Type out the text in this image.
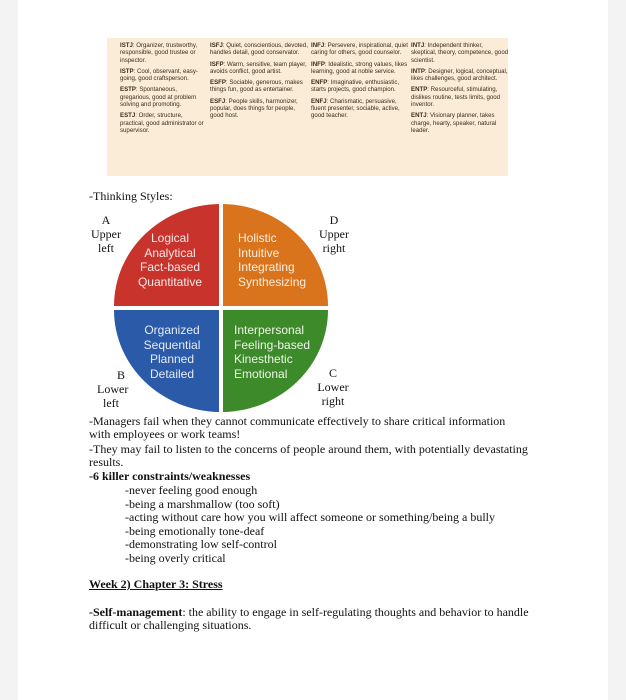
ISTJ: Organizer, trustworthy, responsible, good trustee or inspector.
ISTP: Cool, observant, easy-going, good craftsperson.
ESTP: Spontaneous, gregarious, good at problem solving and promoting.
ESTJ: Order, structure, practical, good administrator or supervisor.
ISFJ: Quiet, conscientious, devoted, handles detail, good conservator.
ISFP: Warm, sensitive, team player, avoids conflict, good artist.
ESFP: Sociable, generous, makes things fun, good as entertainer.
ESFJ: People skills, harmonizer, popular, does things for people, good host.
INFJ: Persevere, inspirational, quiet caring for others, good counselor.
INFP: Idealistic, strong values, likes learning, good at noble service.
ENFP: Imaginative, enthusiastic, starts projects, good champion.
ENFJ: Charismatic, persuasive, fluent presenter, sociable, active, good teacher.
INTJ: Independent thinker, skeptical, theory, competence, good scientist.
INTP: Designer, logical, conceptual, likes challenges, good architect.
ENTP: Resourceful, stimulating, dislikes routine, tests limits, good inventor.
ENTJ: Visionary planner, takes charge, hearty, speaker, natural leader.
-Thinking Styles:
Logical
Analytical
Fact-based
Quantitative
Holistic
Intuitive
Integrating
Synthesizing
Organized
Sequential
Planned
Detailed
Interpersonal
Feeling-based
Kinesthetic
Emotional
A
Upper
left
D
Upper
right
B
Lower
left
C
Lower
right
-Managers fail when they cannot communicate effectively to share critical information with employees or work teams!
-They may fail to listen to the concerns of people around them, with potentially devastating results.
-6 killer constraints/weaknesses
-never feeling good enough
-being a marshmallow (too soft)
-acting without care how you will affect someone or something/being a bully
-being emotionally tone-deaf
-demonstrating low self-control
-being overly critical
Week 2) Chapter 3: Stress
-Self-management: the ability to engage in self-regulating thoughts and behavior to handle difficult or challenging situations.
